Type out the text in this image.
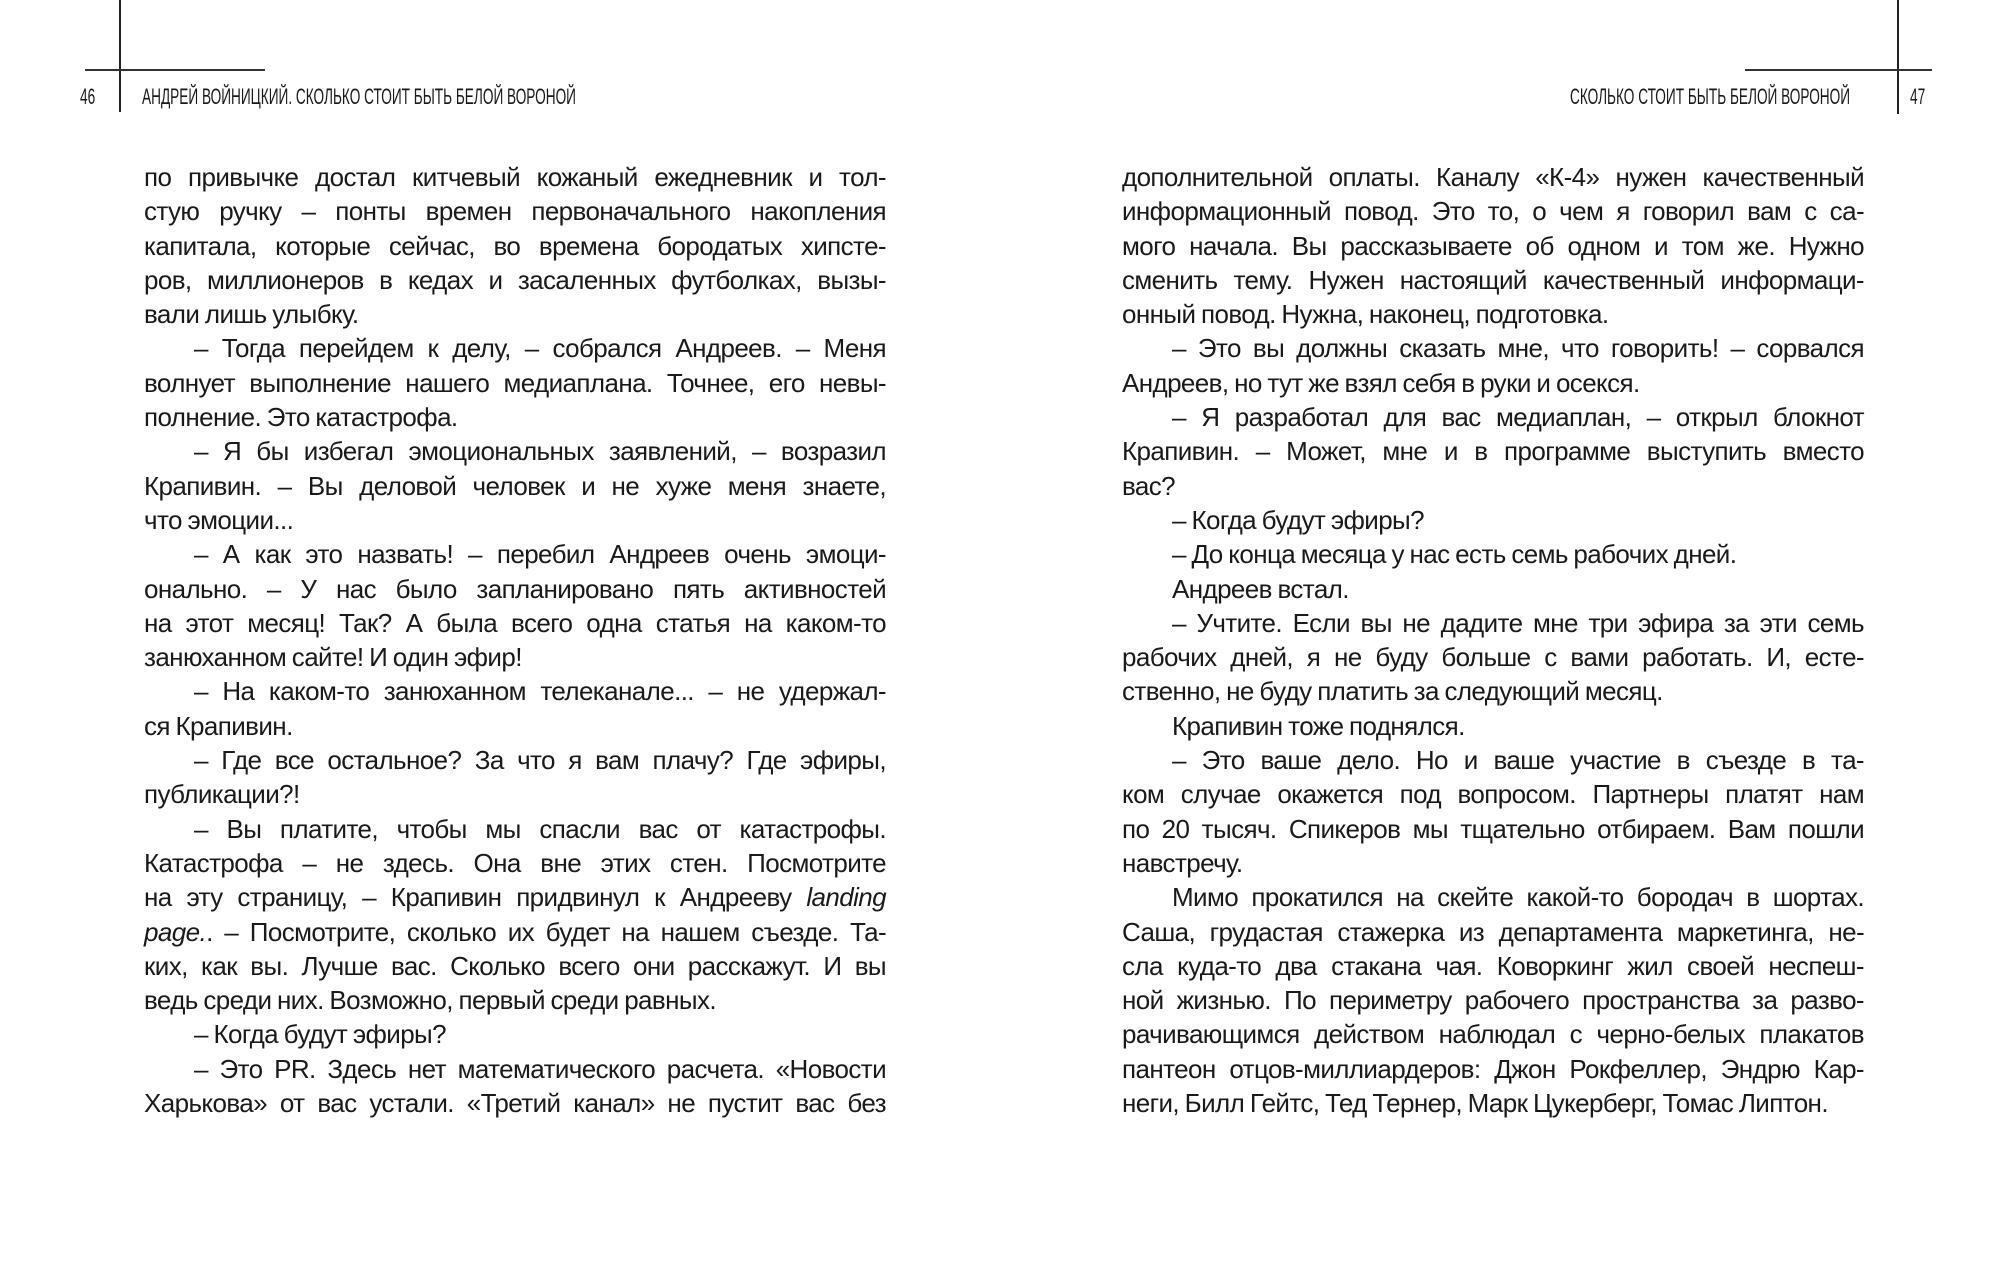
46 АНДРЕЙ ВОЙНИЦКИЙ. СКОЛЬКО СТОИТ БЫТЬ БЕЛОЙ ВОРОНОЙ
по привычке достал китчевый кожаный ежедневник и тол-
стую ручку – понты времен первоначального накопления
капитала, которые сейчас, во времена бородатых хипсте-
ров, миллионеров в кедах и засаленных футболках, вызы-
вали лишь улыбку.
– Тогда перейдем к делу, – собрался Андреев. – Меня
волнует выполнение нашего медиаплана. Точнее, его невы-
полнение. Это катастрофа.
– Я бы избегал эмоциональных заявлений, – возразил
Крапивин. – Вы деловой человек и не хуже меня знаете,
что эмоции...
– А как это назвать! – перебил Андреев очень эмоци-
онально. – У нас было запланировано пять активностей
на этот месяц! Так? А была всего одна статья на каком-то
занюханном сайте! И один эфир!
– На каком-то занюханном телеканале... – не удержал-
ся Крапивин.
– Где все остальное? За что я вам плачу? Где эфиры,
публикации?!
– Вы платите, чтобы мы спасли вас от катастрофы.
Катастрофа – не здесь. Она вне этих стен. Посмотрите
на эту страницу, – Крапивин придвинул к Андрееву landing
page.. – Посмотрите, сколько их будет на нашем съезде. Та-
ких, как вы. Лучше вас. Сколько всего они расскажут. И вы
ведь среди них. Возможно, первый среди равных.
– Когда будут эфиры?
– Это PR. Здесь нет математического расчета. «Новости
Харькова» от вас устали. «Третий канал» не пустит вас без
СКОЛЬКО СТОИТ БЫТЬ БЕЛОЙ ВОРОНОЙ	47
дополнительной оплаты. Каналу «К-4» нужен качественный
информационный повод. Это то, о чем я говорил вам с са-
мого начала. Вы рассказываете об одном и том же. Нужно
сменить тему. Нужен настоящий качественный информаци-
онный повод. Нужна, наконец, подготовка.
– Это вы должны сказать мне, что говорить! – сорвался
Андреев, но тут же взял себя в руки и осекся.
– Я разработал для вас медиаплан, – открыл блокнот
Крапивин. – Может, мне и в программе выступить вместо
вас?
– Когда будут эфиры?
– До конца месяца у нас есть семь рабочих дней.
Андреев встал.
– Учтите. Если вы не дадите мне три эфира за эти семь
рабочих дней, я не буду больше с вами работать. И, есте-
ственно, не буду платить за следующий месяц.
Крапивин тоже поднялся.
– Это ваше дело. Но и ваше участие в съезде в та-
ком случае окажется под вопросом. Партнеры платят нам
по 20 тысяч. Спикеров мы тщательно отбираем. Вам пошли
навстречу.
Мимо прокатился на скейте какой-то бородач в шортах.
Саша, грудастая стажерка из департамента маркетинга, не-
сла куда-то два стакана чая. Коворкинг жил своей неспеш-
ной жизнью. По периметру рабочего пространства за разво-
рачивающимся действом наблюдал с черно-белых плакатов
пантеон отцов-миллиардеров: Джон Рокфеллер, Эндрю Кар-
неги, Билл Гейтс, Тед Тернер, Марк Цукерберг, Томас Липтон.
